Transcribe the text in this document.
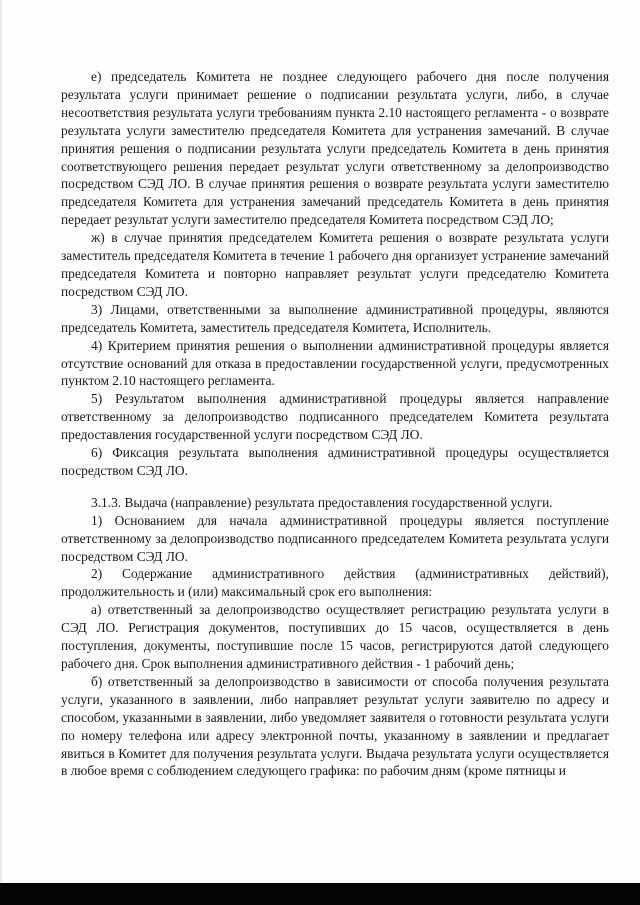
е) председатель Комитета не позднее следующего рабочего дня после получения результата услуги принимает решение о подписании результата услуги, либо, в случае несоответствия результата услуги требованиям пункта 2.10 настоящего регламента - о возврате результата услуги заместителю председателя Комитета для устранения замечаний. В случае принятия решения о подписании результата услуги председатель Комитета в день принятия соответствующего решения передает результат услуги ответственному за делопроизводство посредством СЭД ЛО. В случае принятия решения о возврате результата услуги заместителю председателя Комитета для устранения замечаний председатель Комитета в день принятия передает результат услуги заместителю председателя Комитета посредством СЭД ЛО;

ж) в случае принятия председателем Комитета решения о возврате результата услуги заместитель председателя Комитета в течение 1 рабочего дня организует устранение замечаний председателя Комитета и повторно направляет результат услуги председателю Комитета посредством СЭД ЛО.

3) Лицами, ответственными за выполнение административной процедуры, являются председатель Комитета, заместитель председателя Комитета, Исполнитель.

4) Критерием принятия решения о выполнении административной процедуры является отсутствие оснований для отказа в предоставлении государственной услуги, предусмотренных пунктом 2.10 настоящего регламента.

5) Результатом выполнения административной процедуры является направление ответственному за делопроизводство подписанного председателем Комитета результата предоставления государственной услуги посредством СЭД ЛО.

6) Фиксация результата выполнения административной процедуры осуществляется посредством СЭД ЛО.

3.1.3. Выдача (направление) результата предоставления государственной услуги.

1) Основанием для начала административной процедуры является поступление ответственному за делопроизводство подписанного председателем Комитета результата услуги посредством СЭД ЛО.

2) Содержание административного действия (административных действий), продолжительность и (или) максимальный срок его выполнения:

а) ответственный за делопроизводство осуществляет регистрацию результата услуги в СЭД ЛО. Регистрация документов, поступивших до 15 часов, осуществляется в день поступления, документы, поступившие после 15 часов, регистрируются датой следующего рабочего дня. Срок выполнения административного действия - 1 рабочий день;

б) ответственный за делопроизводство в зависимости от способа получения результата услуги, указанного в заявлении, либо направляет результат услуги заявителю по адресу и способом, указанными в заявлении, либо уведомляет заявителя о готовности результата услуги по номеру телефона или адресу электронной почты, указанному в заявлении и предлагает явиться в Комитет для получения результата услуги. Выдача результата услуги осуществляется в любое время с соблюдением следующего графика: по рабочим дням (кроме пятницы и
